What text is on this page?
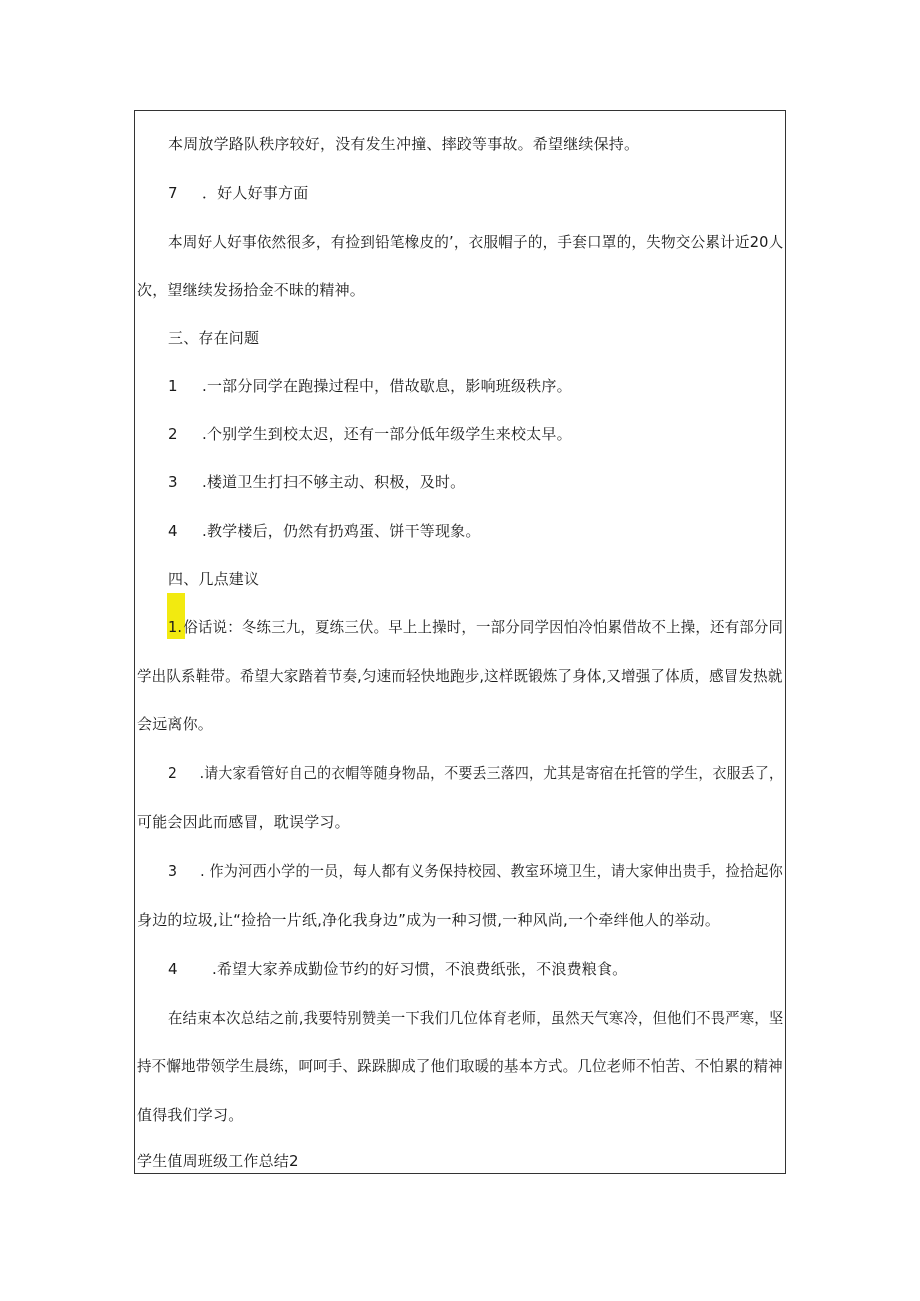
本周放学路队秩序较好，没有发生冲撞、摔跤等事故。希望继续保持。
7 ．好人好事方面
本周好人好事依然很多，有捡到铅笔橡皮的’，衣服帽子的，手套口罩的，失物交公累计近20人
次，望继续发扬拾金不昧的精神。
三、存在问题
1 .一部分同学在跑操过程中，借故歇息，影响班级秩序。
2 .个别学生到校太迟，还有一部分低年级学生来校太早。
3 .楼道卫生打扫不够主动、积极，及时。
4 .教学楼后，仍然有扔鸡蛋、饼干等现象。
四、几点建议
1.俗话说：冬练三九，夏练三伏。早上上操时，一部分同学因怕冷怕累借故不上操，还有部分同
学出队系鞋带。希望大家踏着节奏,匀速而轻快地跑步,这样既锻炼了身体,又增强了体质，感冒发热就
会远离你。
2 .请大家看管好自己的衣帽等随身物品，不要丢三落四，尤其是寄宿在托管的学生，衣服丢了，
可能会因此而感冒，耽误学习。
3 . 作为河西小学的一员，每人都有义务保持校园、教室环境卫生，请大家伸出贵手，捡拾起你
身边的垃圾,让“捡拾一片纸,净化我身边”成为一种习惯,一种风尚,一个牵绊他人的举动。
4 .希望大家养成勤俭节约的好习惯，不浪费纸张，不浪费粮食。
在结束本次总结之前,我要特别赞美一下我们几位体育老师，虽然天气寒冷，但他们不畏严寒，坚
持不懈地带领学生晨练，呵呵手、跺跺脚成了他们取暖的基本方式。几位老师不怕苦、不怕累的精神
值得我们学习。
学生值周班级工作总结2
